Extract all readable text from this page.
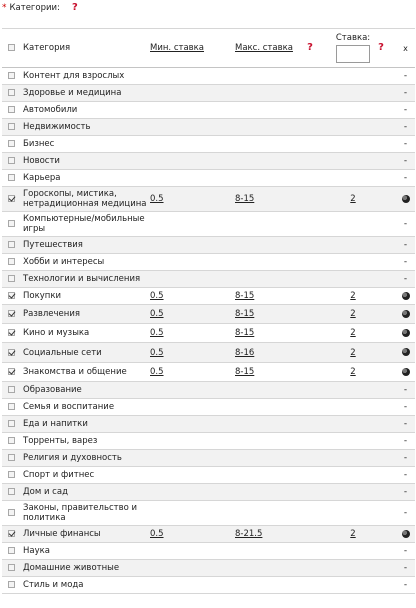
* Категории: ?
	Категория	Мин. ставка	Макс. ставка	?	Ставка:	?	x
	Контент для взрослых						-
	Здоровье и медицина						-
	Автомобили						-
	Недвижимость						-
	Бизнес						-
	Новости						-
	Карьера						-
	Гороскопы, мистика, нетрадиционная медицина	0.5	8-15		2		
	Компьютерные/мобильные игры						-
	Путешествия						-
	Хобби и интересы						-
	Технологии и вычисления						-
	Покупки	0.5	8-15		2		
	Развлечения	0.5	8-15		2		
	Кино и музыка	0.5	8-15		2		
	Социальные сети	0.5	8-16		2		
	Знакомства и общение	0.5	8-15		2		
	Образование						-
	Семья и воспитание						-
	Еда и напитки						-
	Торренты, варез						-
	Религия и духовность						-
	Спорт и фитнес						-
	Дом и сад						-
	Законы, правительство и политика						-
	Личные финансы	0.5	8-21.5		2		
	Наука						-
	Домашние животные						-
	Стиль и мода						-
